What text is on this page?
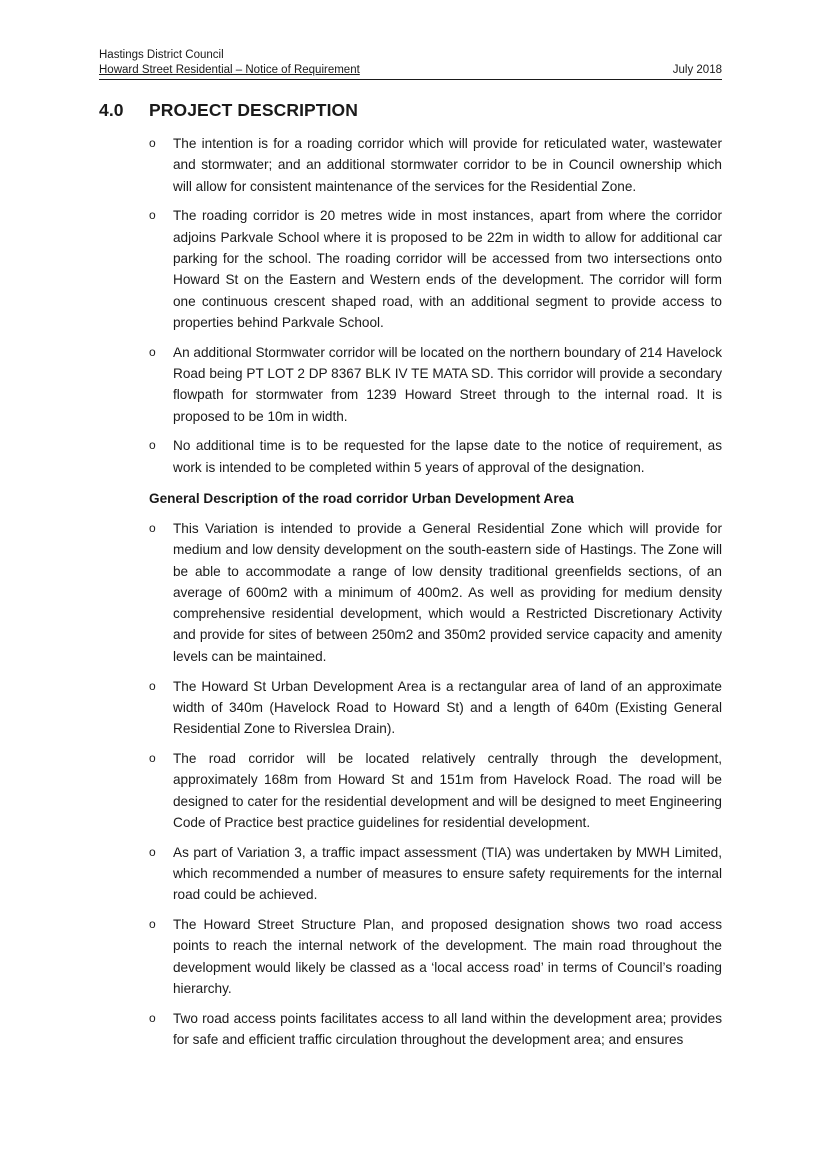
Hastings District Council
Howard Street Residential – Notice of Requirement	July 2018
4.0 PROJECT DESCRIPTION
o The intention is for a roading corridor which will provide for reticulated water, wastewater and stormwater; and an additional stormwater corridor to be in Council ownership which will allow for consistent maintenance of the services for the Residential Zone.
o The roading corridor is 20 metres wide in most instances, apart from where the corridor adjoins Parkvale School where it is proposed to be 22m in width to allow for additional car parking for the school. The roading corridor will be accessed from two intersections onto Howard St on the Eastern and Western ends of the development. The corridor will form one continuous crescent shaped road, with an additional segment to provide access to properties behind Parkvale School.
o An additional Stormwater corridor will be located on the northern boundary of 214 Havelock Road being PT LOT 2 DP 8367 BLK IV TE MATA SD. This corridor will provide a secondary flowpath for stormwater from 1239 Howard Street through to the internal road. It is proposed to be 10m in width.
o No additional time is to be requested for the lapse date to the notice of requirement, as work is intended to be completed within 5 years of approval of the designation.
General Description of the road corridor Urban Development Area
o This Variation is intended to provide a General Residential Zone which will provide for medium and low density development on the south-eastern side of Hastings. The Zone will be able to accommodate a range of low density traditional greenfields sections, of an average of 600m2 with a minimum of 400m2. As well as providing for medium density comprehensive residential development, which would a Restricted Discretionary Activity and provide for sites of between 250m2 and 350m2 provided service capacity and amenity levels can be maintained.
o The Howard St Urban Development Area is a rectangular area of land of an approximate width of 340m (Havelock Road to Howard St) and a length of 640m (Existing General Residential Zone to Riverslea Drain).
o The road corridor will be located relatively centrally through the development, approximately 168m from Howard St and 151m from Havelock Road. The road will be designed to cater for the residential development and will be designed to meet Engineering Code of Practice best practice guidelines for residential development.
o As part of Variation 3, a traffic impact assessment (TIA) was undertaken by MWH Limited, which recommended a number of measures to ensure safety requirements for the internal road could be achieved.
o The Howard Street Structure Plan, and proposed designation shows two road access points to reach the internal network of the development. The main road throughout the development would likely be classed as a ‘local access road’ in terms of Council’s roading hierarchy.
o Two road access points facilitates access to all land within the development area; provides for safe and efficient traffic circulation throughout the development area; and ensures
